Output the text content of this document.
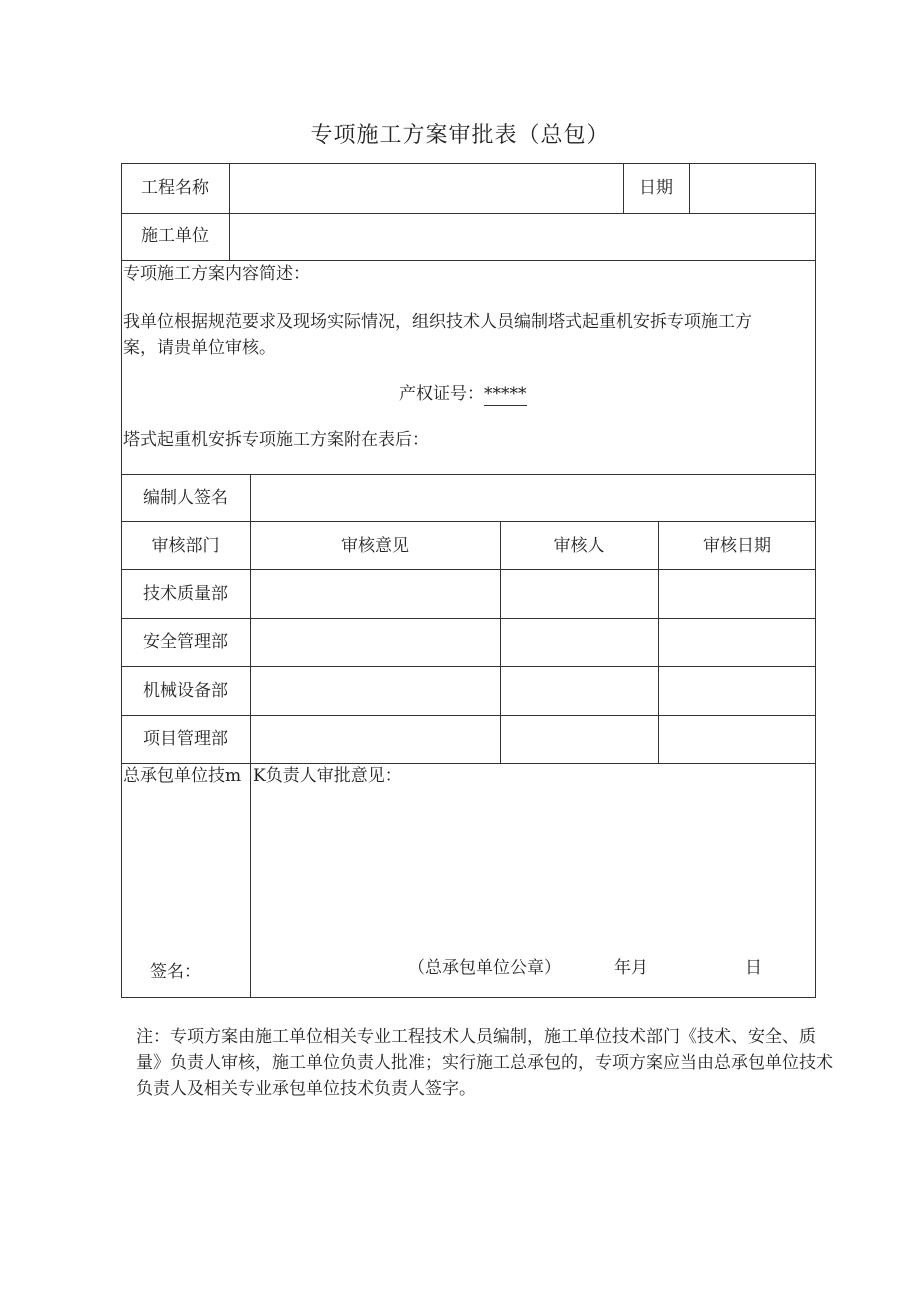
专项施工方案审批表（总包）
工程名称	日期
施工单位
专项施工方案内容简述：
我单位根据规范要求及现场实际情况，组织技术人员编制塔式起重机安拆专项施工方
案，请贵单位审核。
产权证号：*****
塔式起重机安拆专项施工方案附在表后：
编制人签名
审核部门	审核意见	审核人	审核日期
技术质量部
安全管理部
机械设备部
项目管理部
总承包单位技m K负责人审批意见：
签名：	（总承包单位公章）	年月	日
注：专项方案由施工单位相关专业工程技术人员编制，施工单位技术部门《技术、安全、质量》负责人审核，施工单位负责人批准；实行施工总承包的，专项方案应当由总承包单位技术负责人及相关专业承包单位技术负责人签字。
